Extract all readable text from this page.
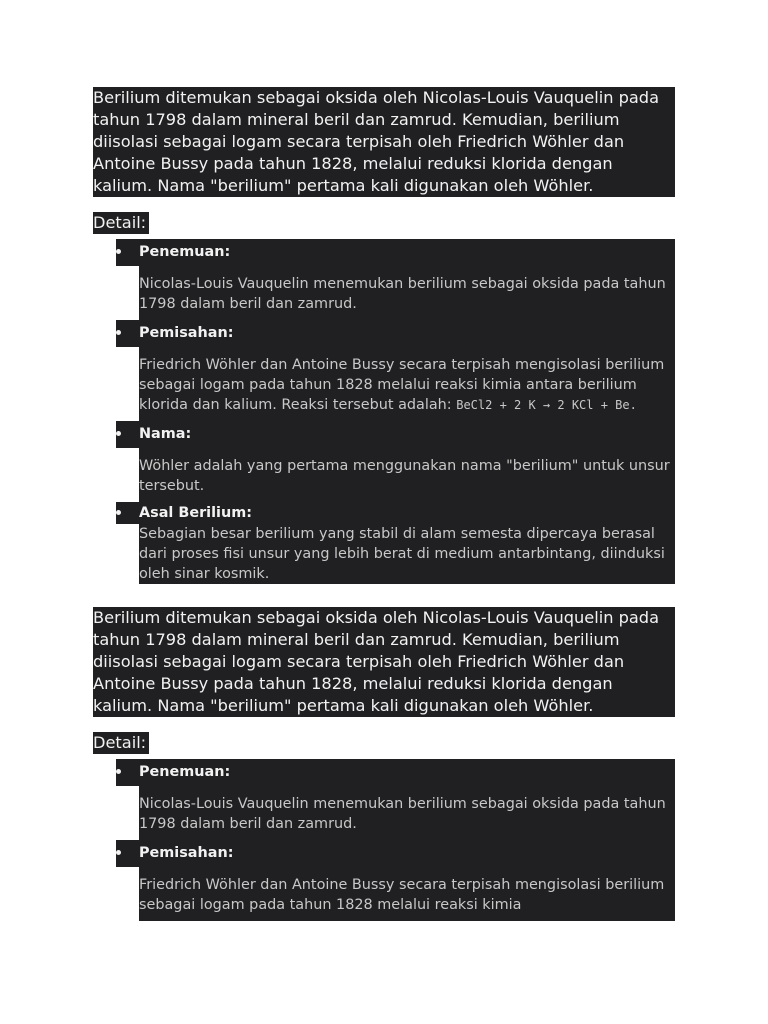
Berilium ditemukan sebagai oksida oleh Nicolas-Louis Vauquelin pada tahun 1798 dalam mineral beril dan zamrud. Kemudian, berilium diisolasi sebagai logam secara terpisah oleh Friedrich Wöhler dan Antoine Bussy pada tahun 1828, melalui reduksi klorida dengan kalium. Nama "berilium" pertama kali digunakan oleh Wöhler.

Detail:
Penemuan:
Nicolas-Louis Vauquelin menemukan berilium sebagai oksida pada tahun 1798 dalam beril dan zamrud.
Pemisahan:
Friedrich Wöhler dan Antoine Bussy secara terpisah mengisolasi berilium sebagai logam pada tahun 1828 melalui reaksi kimia antara berilium klorida dan kalium. Reaksi tersebut adalah: BeCl2 + 2 K → 2 KCl + Be.
Nama:
Wöhler adalah yang pertama menggunakan nama "berilium" untuk unsur tersebut.
Asal Berilium:
Sebagian besar berilium yang stabil di alam semesta dipercaya berasal dari proses fisi unsur yang lebih berat di medium antarbintang, diinduksi oleh sinar kosmik.

Berilium ditemukan sebagai oksida oleh Nicolas-Louis Vauquelin pada tahun 1798 dalam mineral beril dan zamrud. Kemudian, berilium diisolasi sebagai logam secara terpisah oleh Friedrich Wöhler dan Antoine Bussy pada tahun 1828, melalui reduksi klorida dengan kalium. Nama "berilium" pertama kali digunakan oleh Wöhler.

Detail:
Penemuan:
Nicolas-Louis Vauquelin menemukan berilium sebagai oksida pada tahun 1798 dalam beril dan zamrud.
Pemisahan:
Friedrich Wöhler dan Antoine Bussy secara terpisah mengisolasi berilium sebagai logam pada tahun 1828 melalui reaksi kimia
